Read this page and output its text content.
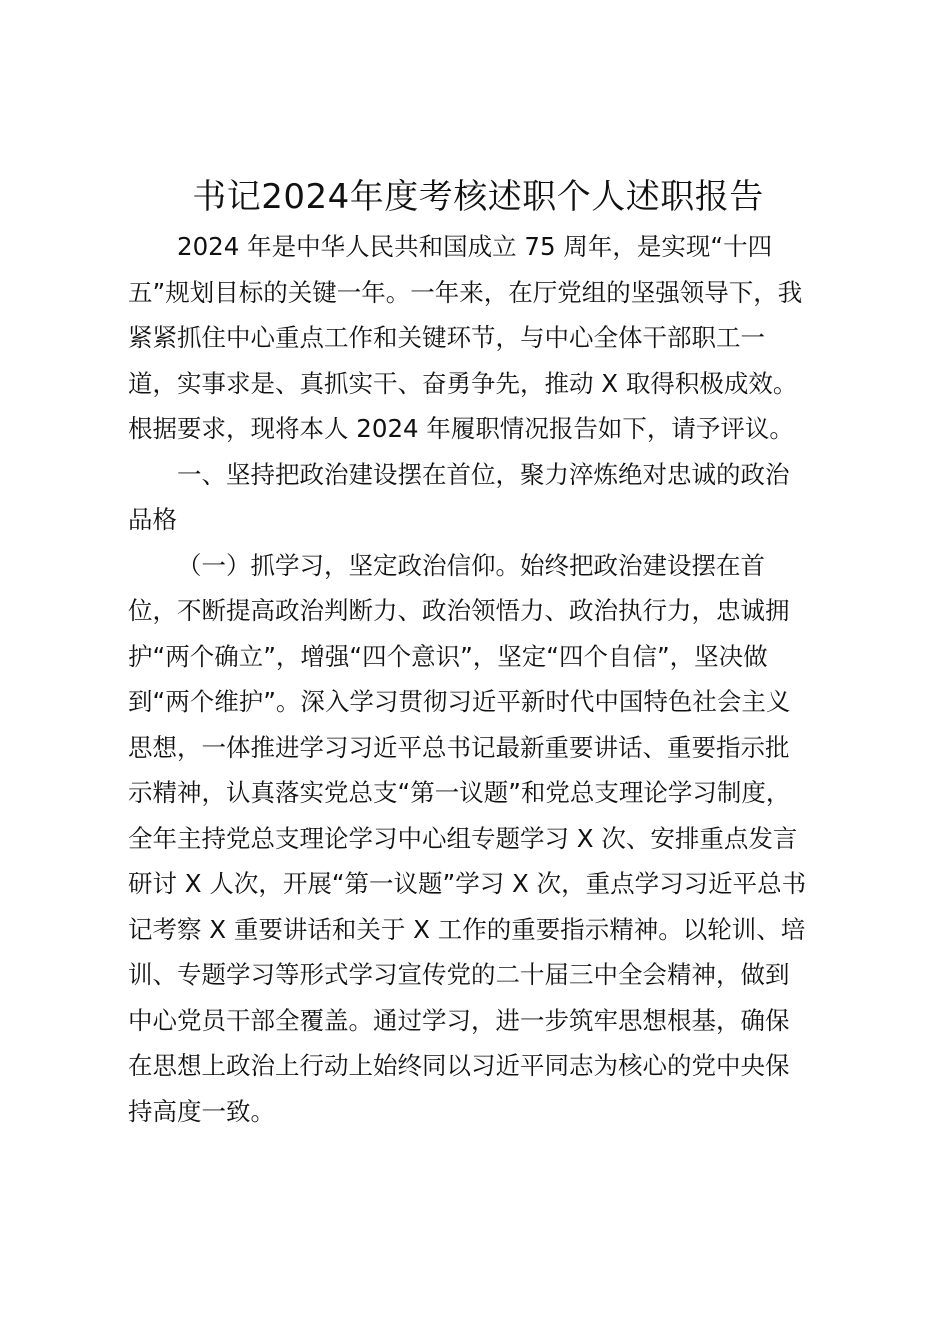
书记2024年度考核述职个人述职报告
2024 年是中华人民共和国成立 75 周年，是实现“十四
五”规划目标的关键一年。一年来，在厅党组的坚强领导下，我
紧紧抓住中心重点工作和关键环节，与中心全体干部职工一
道，实事求是、真抓实干、奋勇争先，推动 X 取得积极成效。
根据要求，现将本人 2024 年履职情况报告如下，请予评议。
一、坚持把政治建设摆在首位，聚力淬炼绝对忠诚的政治
品格
（一）抓学习，坚定政治信仰。始终把政治建设摆在首
位，不断提高政治判断力、政治领悟力、政治执行力，忠诚拥
护“两个确立”，增强“四个意识”，坚定“四个自信”，坚决做
到“两个维护”。深入学习贯彻习近平新时代中国特色社会主义
思想，一体推进学习习近平总书记最新重要讲话、重要指示批
示精神，认真落实党总支“第一议题”和党总支理论学习制度，
全年主持党总支理论学习中心组专题学习 X 次、安排重点发言
研讨 X 人次，开展“第一议题”学习 X 次，重点学习习近平总书
记考察 X 重要讲话和关于 X 工作的重要指示精神。以轮训、培
训、专题学习等形式学习宣传党的二十届三中全会精神，做到
中心党员干部全覆盖。通过学习，进一步筑牢思想根基，确保
在思想上政治上行动上始终同以习近平同志为核心的党中央保
持高度一致。
